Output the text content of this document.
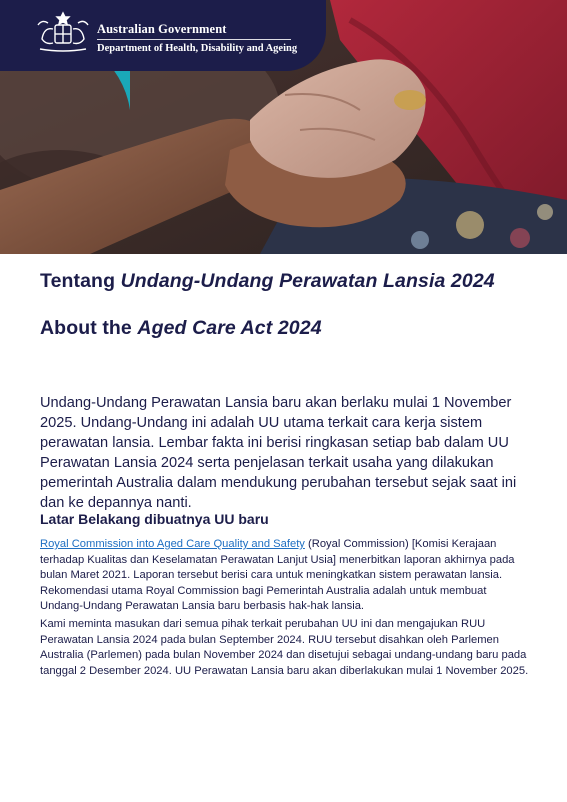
Australian Government
Department of Health, Disability and Ageing
Tentang Undang-Undang Perawatan Lansia 2024
About the Aged Care Act 2024

Undang-Undang Perawatan Lansia baru akan berlaku mulai 1 November 2025. Undang-Undang ini adalah UU utama terkait cara kerja sistem perawatan lansia. Lembar fakta ini berisi ringkasan setiap bab dalam UU Perawatan Lansia 2024 serta penjelasan terkait usaha yang dilakukan pemerintah Australia dalam mendukung perubahan tersebut sejak saat ini dan ke depannya nanti.

Latar Belakang dibuatnya UU baru

Royal Commission into Aged Care Quality and Safety (Royal Commission) [Komisi Kerajaan terhadap Kualitas dan Keselamatan Perawatan Lanjut Usia] menerbitkan laporan akhirnya pada bulan Maret 2021. Laporan tersebut berisi cara untuk meningkatkan sistem perawatan lansia. Rekomendasi utama Royal Commission bagi Pemerintah Australia adalah untuk membuat Undang-Undang Perawatan Lansia baru berbasis hak-hak lansia.

Kami meminta masukan dari semua pihak terkait perubahan UU ini dan mengajukan RUU Perawatan Lansia 2024 pada bulan September 2024. RUU tersebut disahkan oleh Parlemen Australia (Parlemen) pada bulan November 2024 dan disetujui sebagai undang-undang baru pada tanggal 2 Desember 2024. UU Perawatan Lansia baru akan diberlakukan mulai 1 November 2025.
